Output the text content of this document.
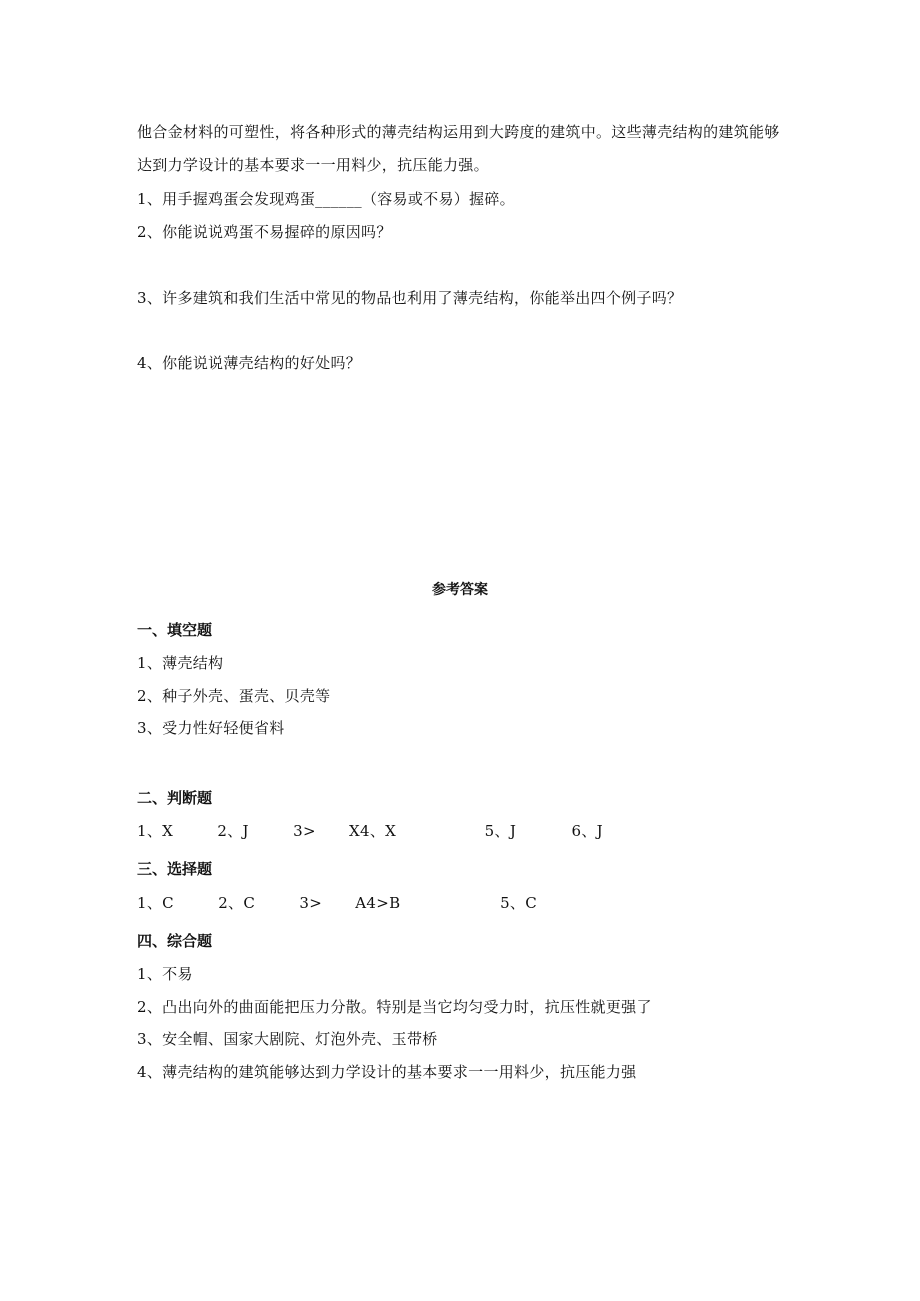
他合金材料的可塑性，将各种形式的薄壳结构运用到大跨度的建筑中。这些薄壳结构的建筑能够
达到力学设计的基本要求一一用料少，抗压能力强。
1、用手握鸡蛋会发现鸡蛋______（容易或不易）握碎。
2、你能说说鸡蛋不易握碎的原因吗？
3、许多建筑和我们生活中常见的物品也利用了薄壳结构，你能举出四个例子吗？
4、你能说说薄壳结构的好处吗？
参考答案
一、填空题
1、薄壳结构
2、种子外壳、蛋壳、贝壳等
3、受力性好轻便省料
二、判断题
1、X    2、J    3>   X4、X        5、J     6、J
三、选择题
1、C    2、C    3>   A4>B         5、C
四、综合题
1、不易
2、凸出向外的曲面能把压力分散。特别是当它均匀受力时，抗压性就更强了
3、安全帽、国家大剧院、灯泡外壳、玉带桥
4、薄壳结构的建筑能够达到力学设计的基本要求一一用料少，抗压能力强
